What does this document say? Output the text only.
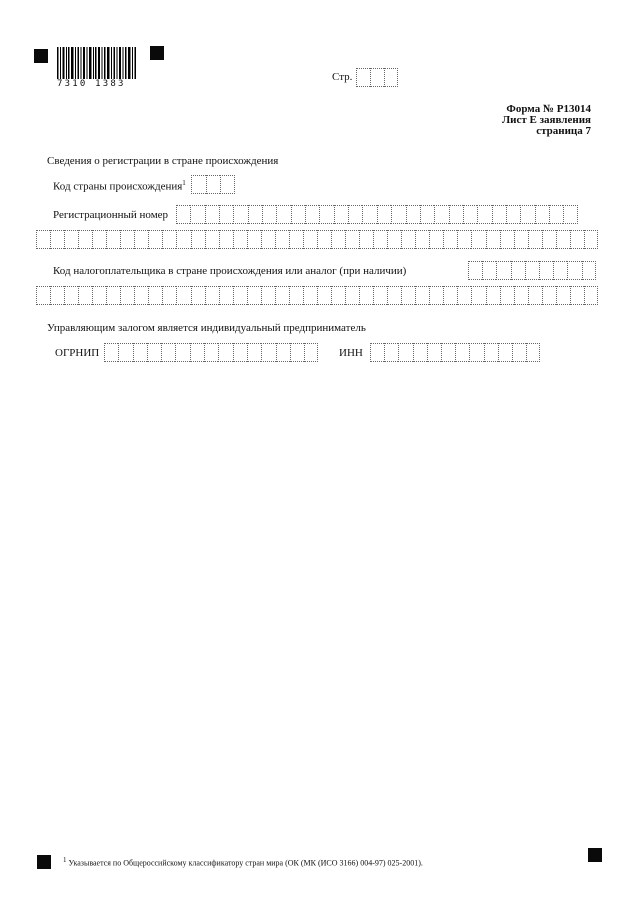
7310 1383
Стр.
Форма № Р13014
Лист Е заявления
страница 7
Сведения о регистрации в стране происхождения
Код страны происхождения$^1$
Регистрационный номер
Код налогоплательщика в стране происхождения или аналог (при наличии)
Управляющим залогом является индивидуальный предприниматель
ОГРНИП	ИНН
1 Указывается по Общероссийскому классификатору стран мира (ОК (МК (ИСО 3166) 004-97) 025-2001).
